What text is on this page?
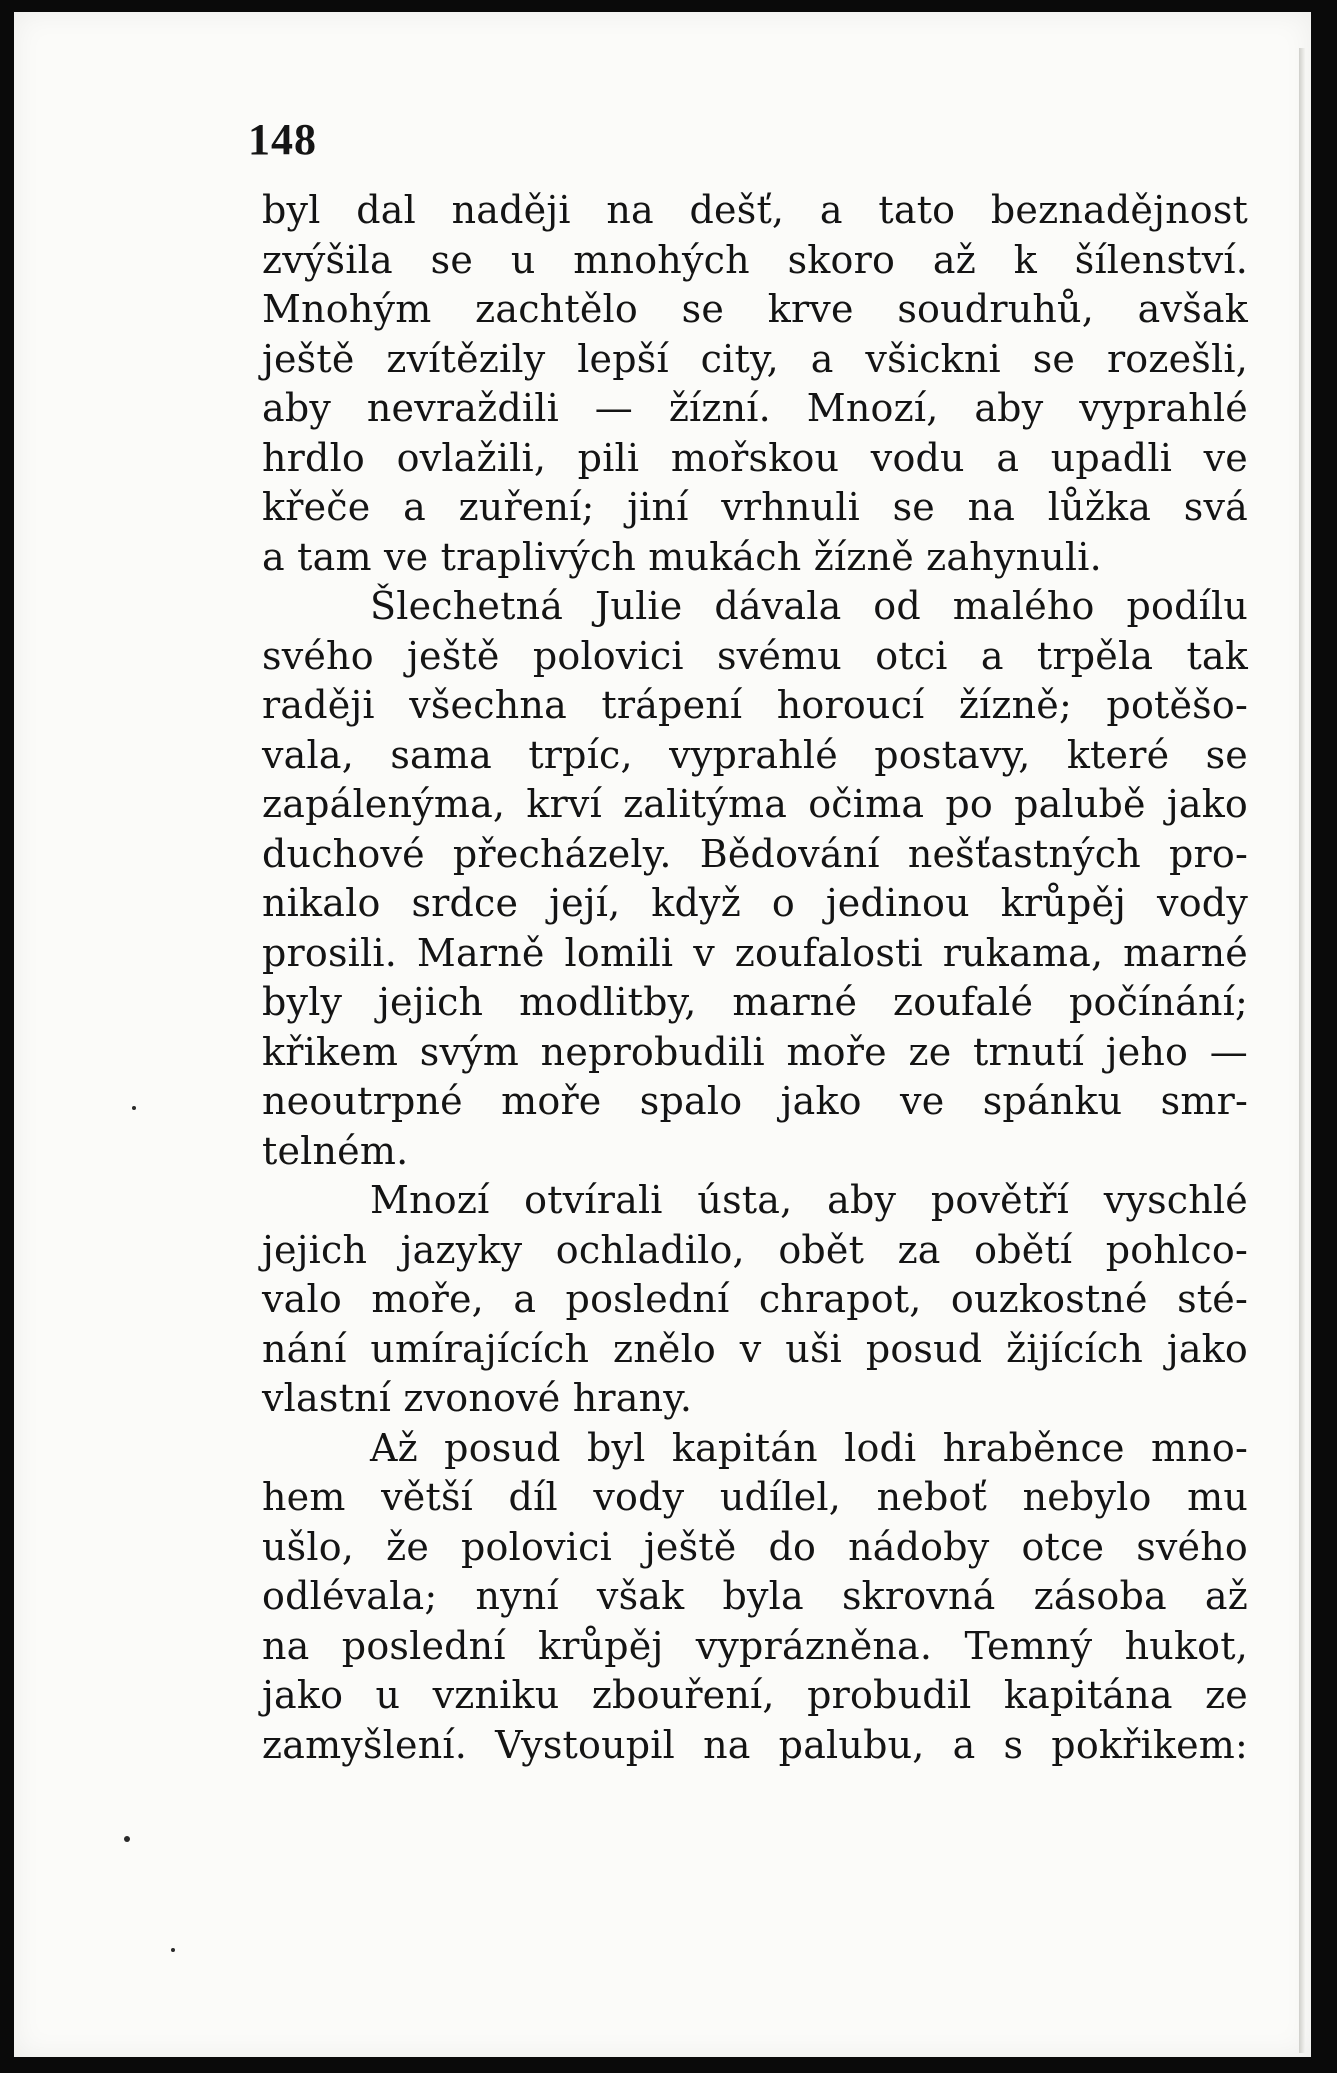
148

byl dal naději na dešť, a tato beznadějnost
zvýšila se u mnohých skoro až k šílenství.
Mnohým zachtělo se krve soudruhů, avšak
ještě zvítězily lepší city, a všickni se rozešli,
aby nevraždili — žízní. Mnozí, aby vyprahlé
hrdlo ovlažili, pili mořskou vodu a upadli ve
křeče a zuření; jiní vrhnuli se na lůžka svá
a tam ve traplivých mukách žízně zahynuli.
Šlechetná Julie dávala od malého podílu
svého ještě polovici svému otci a trpěla tak
raději všechna trápení horoucí žízně; potěšo-
vala, sama trpíc, vyprahlé postavy, které se
zapálenýma, krví zalitýma očima po palubě jako
duchové přecházely. Bědování nešťastných pro-
nikalo srdce její, když o jedinou krůpěj vody
prosili. Marně lomili v zoufalosti rukama, marné
byly jejich modlitby, marné zoufalé počínání;
křikem svým neprobudili moře ze trnutí jeho —
neoutrpné moře spalo jako ve spánku smr-
telném.
Mnozí otvírali ústa, aby povětří vyschlé
jejich jazyky ochladilo, obět za obětí pohlco-
valo moře, a poslední chrapot, ouzkostné sté-
nání umírajících znělo v uši posud žijících jako
vlastní zvonové hrany.
Až posud byl kapitán lodi hraběnce mno-
hem větší díl vody udílel, neboť nebylo mu
ušlo, že polovici ještě do nádoby otce svého
odlévala; nyní však byla skrovná zásoba až
na poslední krůpěj vyprázněna. Temný hukot,
jako u vzniku zbouření, probudil kapitána ze
zamyšlení. Vystoupil na palubu, a s pokřikem:
